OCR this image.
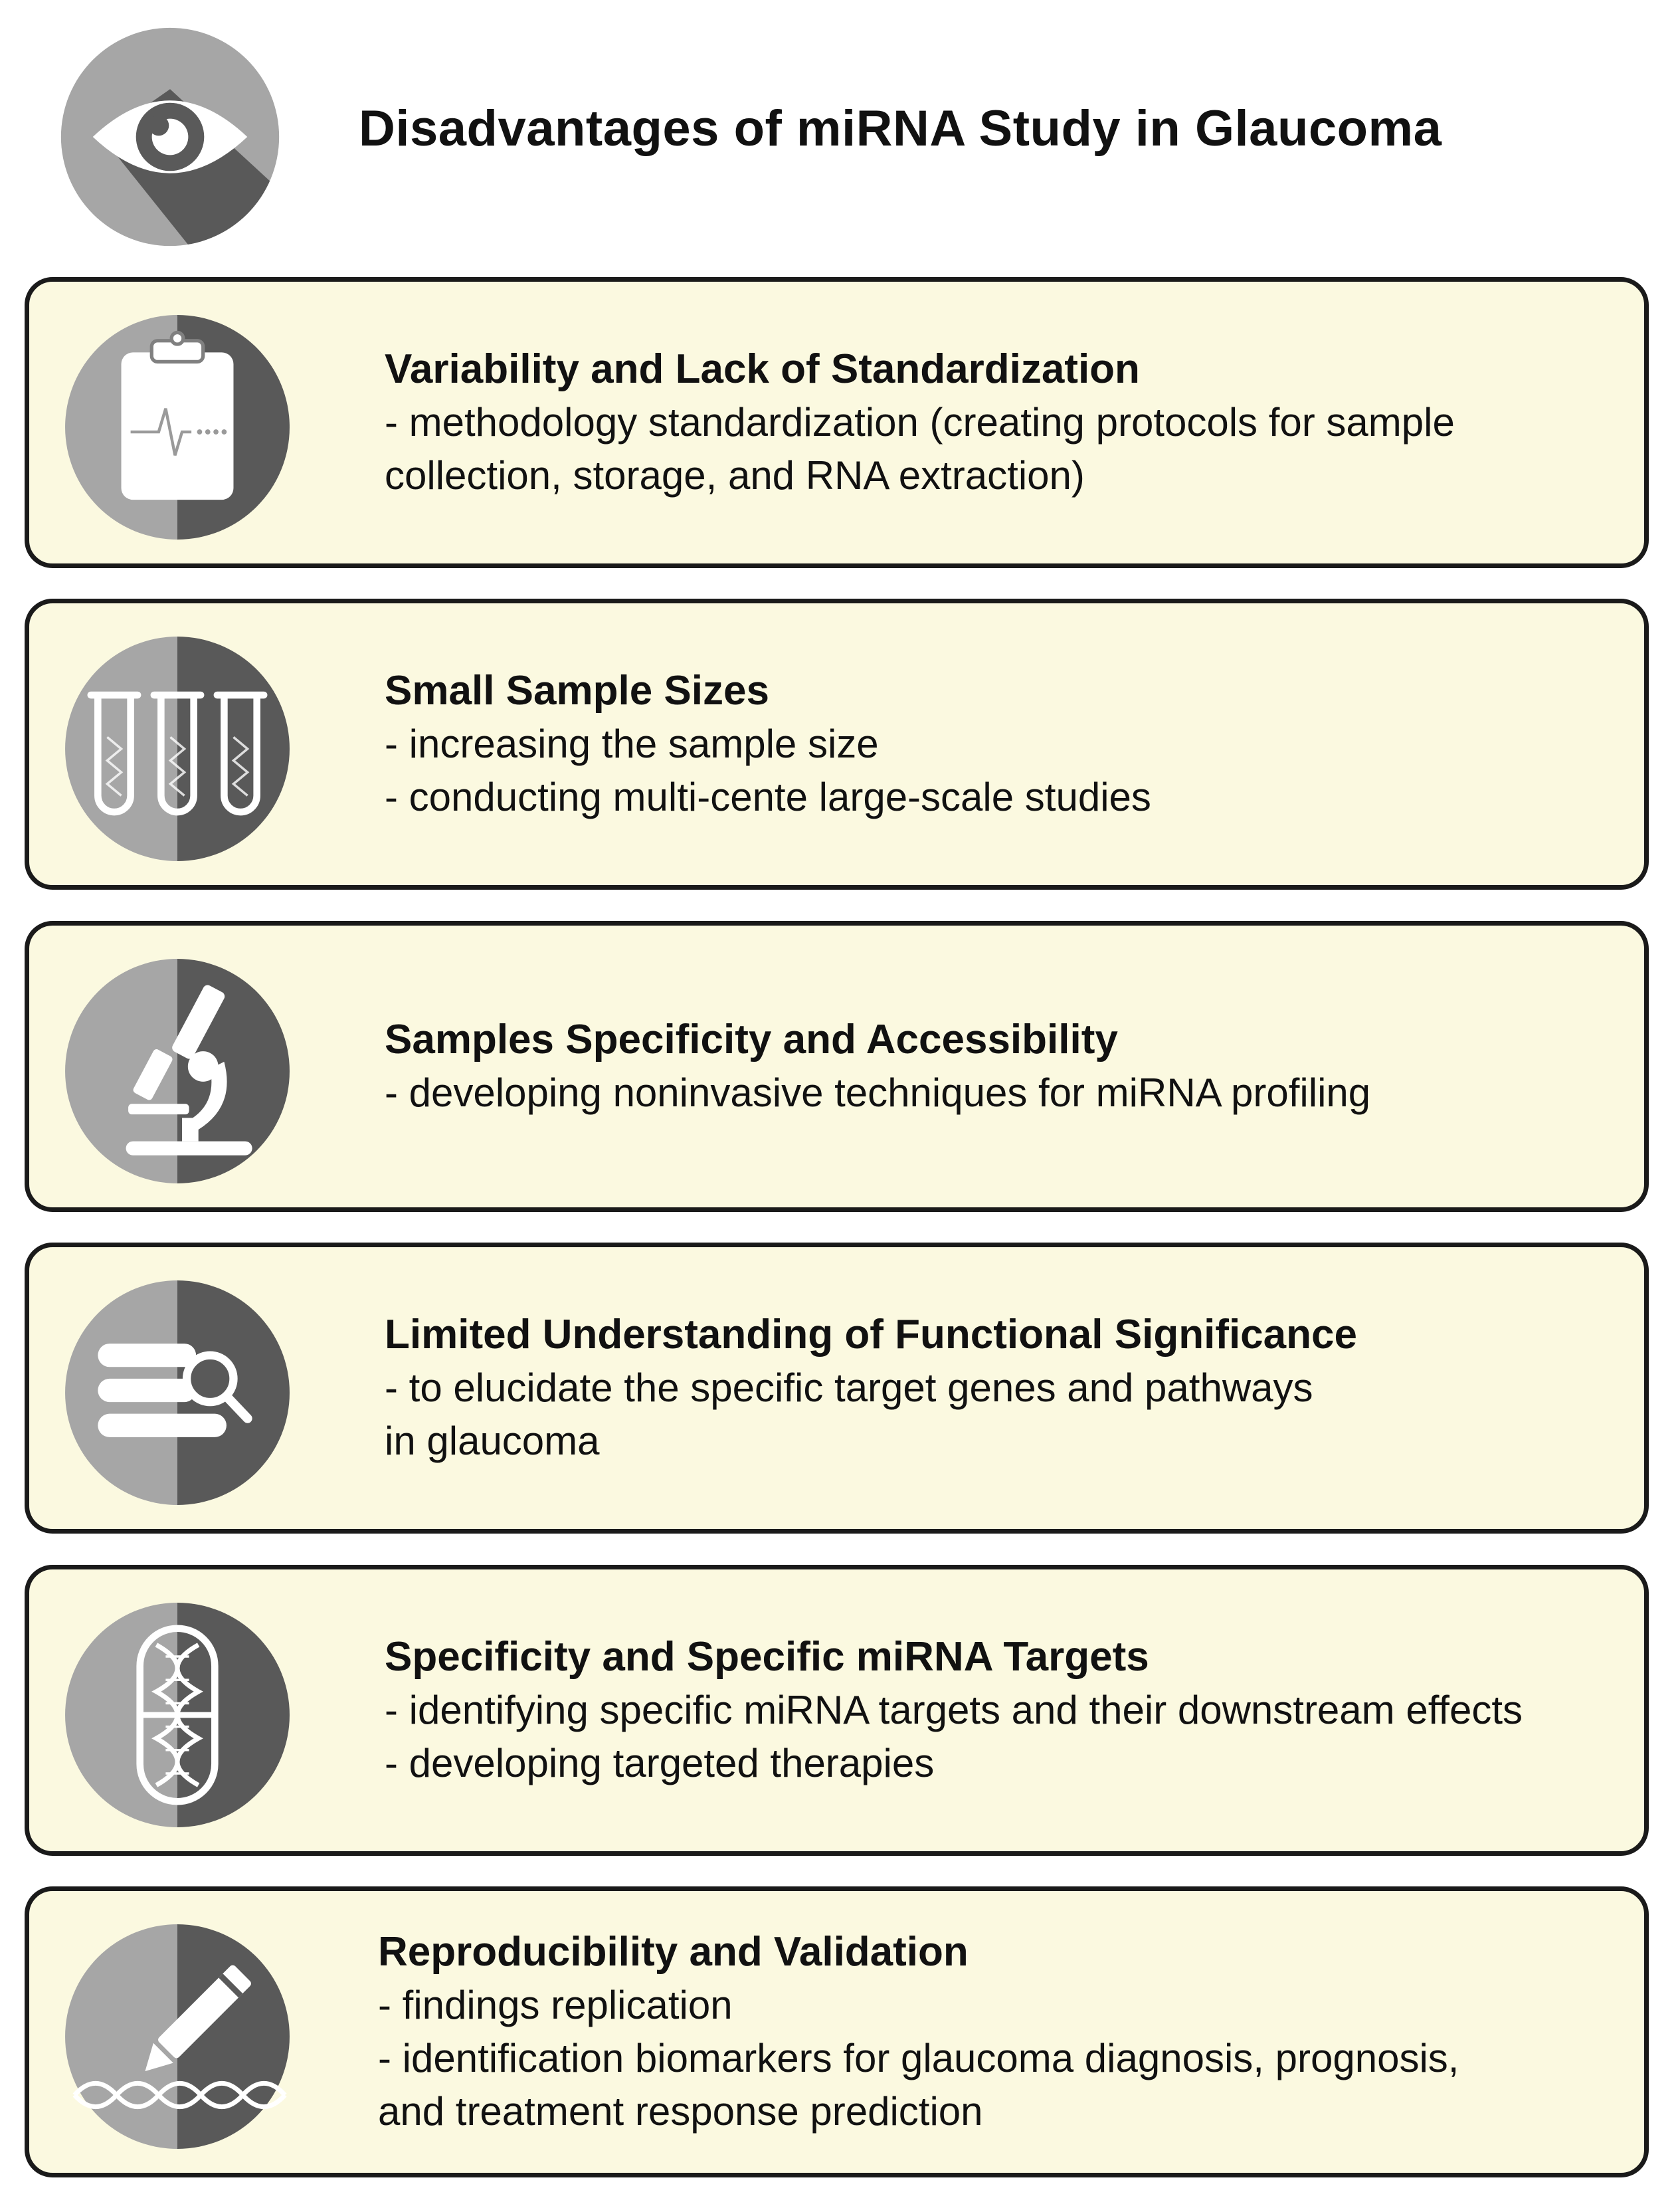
Disadvantages of miRNA Study in Glaucoma
Variability and Lack of Standardization
- methodology standardization (creating protocols for sample
collection, storage, and RNA extraction)
Small Sample Sizes
- increasing the sample size
- conducting multi-cente large-scale studies
Samples Specificity and Accessibility
- developing noninvasive techniques for miRNA profiling
Limited Understanding of Functional Significance
- to elucidate the specific target genes and pathways
in glaucoma
Specificity and Specific miRNA Targets
- identifying specific miRNA targets and their downstream effects
- developing targeted therapies
Reproducibility and Validation
- findings replication
- identification biomarkers for glaucoma diagnosis, prognosis,
and treatment response prediction
